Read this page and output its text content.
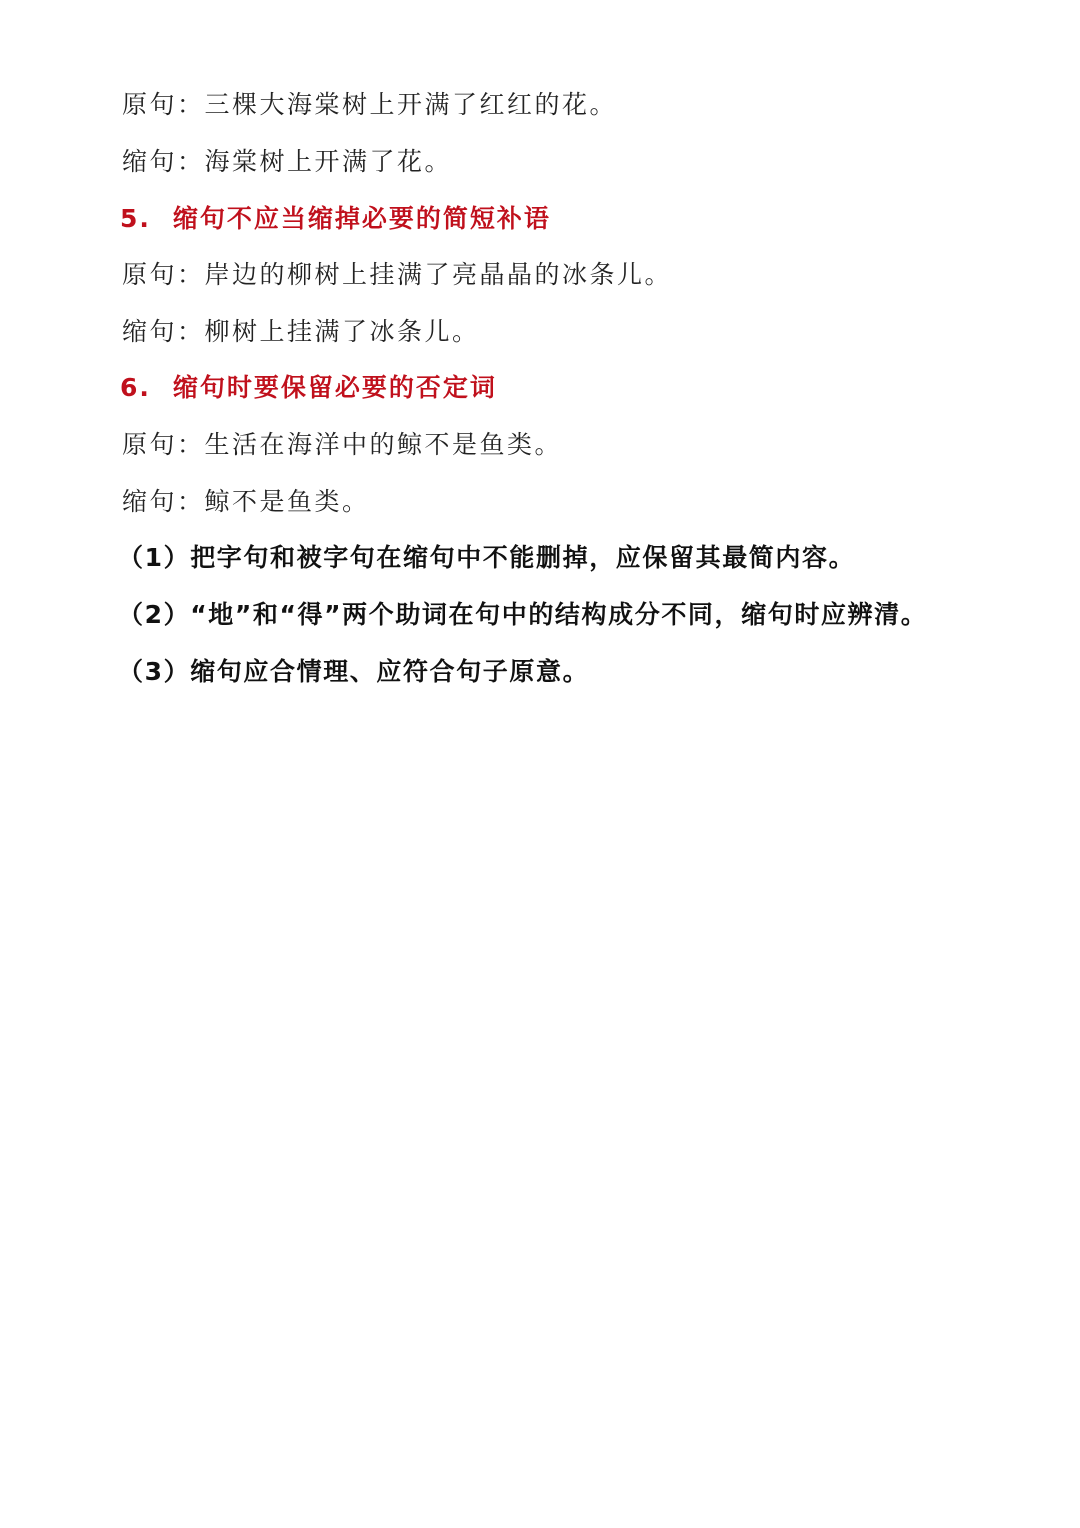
原句：三棵大海棠树上开满了红红的花。
缩句：海棠树上开满了花。
5. 缩句不应当缩掉必要的简短补语
原句：岸边的柳树上挂满了亮晶晶的冰条儿。
缩句：柳树上挂满了冰条儿。
6. 缩句时要保留必要的否定词
原句：生活在海洋中的鲸不是鱼类。
缩句：鲸不是鱼类。
（1）把字句和被字句在缩句中不能删掉，应保留其最简内容。
（2）“地”和“得”两个助词在句中的结构成分不同，缩句时应辨清。
（3）缩句应合情理、应符合句子原意。
